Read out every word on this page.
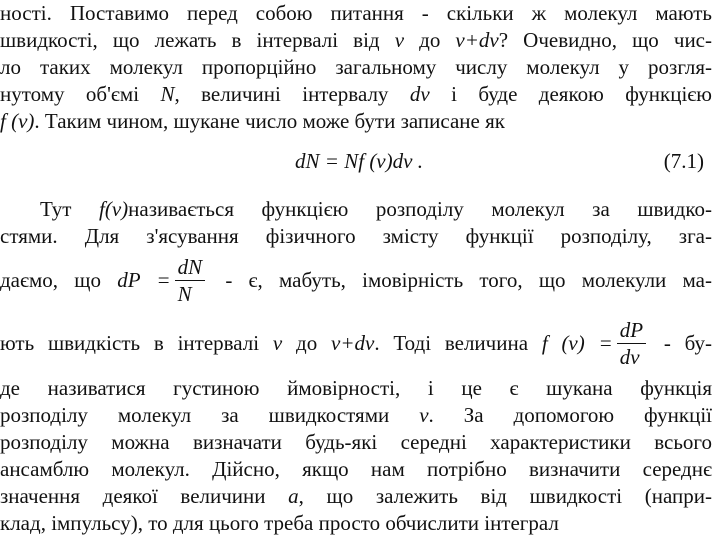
ності. Поставимо перед собою питання - скільки ж молекул мають
швидкості, що лежать в інтервалі від v до v+dv? Очевидно, що чис-
ло таких молекул пропорційно загальному числу молекул у розгля-
нутому об'ємі N, величині інтервалу dv і буде деякою функцією
f (v). Таким чином, шукане число може бути записане як
dN = Nf (v)dv .	(7.1)
Тут f(v)називається функцією розподілу молекул за швидко-
стями. Для з'ясування фізичного змісту функції розподілу, зга-
даємо, що dP = $\frac{dN}{N}$ - є, мабуть, імовірність того, що молекули ма-
ють швидкість в інтервалі v до v+dv. Тоді величина f $(v) = \frac{dP}{dv} - бу-$
де називатися густиною ймовірності, і це є шукана функція
розподілу молекул за швидкостями v. За допомогою функції
розподілу можна визначати будь-які середні характеристики всього
ансамблю молекул. Дійсно, якщо нам потрібно визначити середнє
значення деякої величини a, що залежить від швидкості (напри-
клад, імпульсу), то для цього треба просто обчислити інтеграл
